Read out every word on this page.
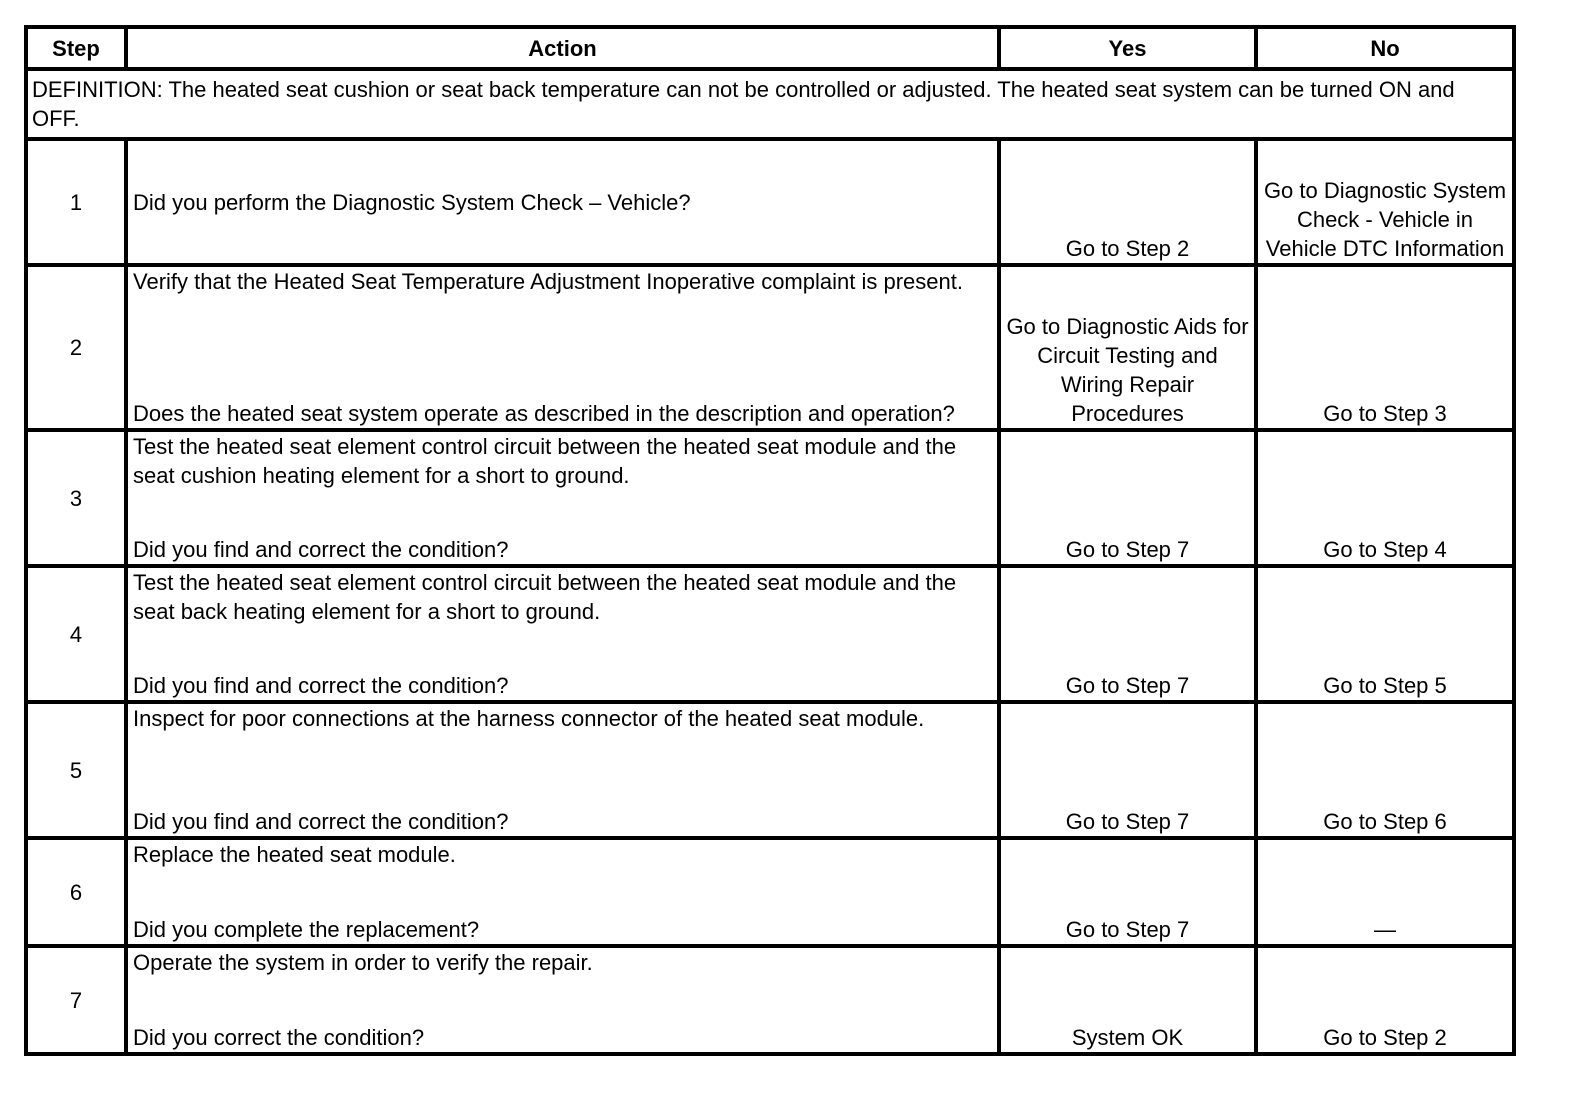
Step	Action	Yes	No
DEFINITION: The heated seat cushion or seat back temperature can not be controlled or adjusted. The heated seat system can be turned ON and OFF.			
1	Did you perform the Diagnostic System Check – Vehicle?	Go to Step 2	Go to Diagnostic System Check - Vehicle in Vehicle DTC Information
2	Verify that the Heated Seat Temperature Adjustment Inoperative complaint is present.
Does the heated seat system operate as described in the description and operation?	Go to Diagnostic Aids for Circuit Testing and Wiring Repair Procedures	Go to Step 3
3	Test the heated seat element control circuit between the heated seat module and the seat cushion heating element for a short to ground.
Did you find and correct the condition?	Go to Step 7	Go to Step 4
4	Test the heated seat element control circuit between the heated seat module and the seat back heating element for a short to ground.
Did you find and correct the condition?	Go to Step 7	Go to Step 5
5	Inspect for poor connections at the harness connector of the heated seat module.
Did you find and correct the condition?	Go to Step 7	Go to Step 6
6	Replace the heated seat module.
Did you complete the replacement?	Go to Step 7	—
7	Operate the system in order to verify the repair.
Did you correct the condition?	System OK	Go to Step 2
